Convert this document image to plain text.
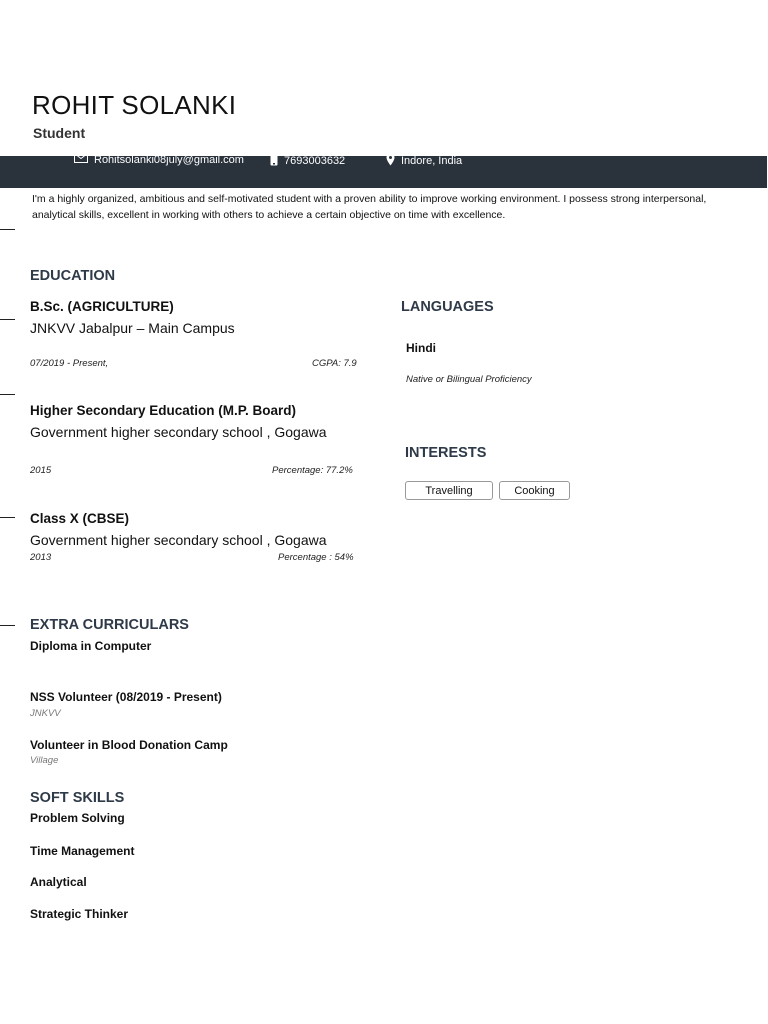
ROHIT SOLANKI
Student
Rohitsolanki08july@gmail.com	7693003632	Indore, India
I'm a highly organized, ambitious and self-motivated student with a proven ability to improve working environment. I possess strong interpersonal, analytical skills, excellent in working with others to achieve a certain objective on time with excellence.
EDUCATION
B.Sc. (AGRICULTURE)
JNKVV Jabalpur – Main Campus
07/2019 - Present,	CGPA: 7.9
Higher Secondary Education (M.P. Board)
Government higher secondary school , Gogawa
2015	Percentage: 77.2%
Class X (CBSE)
Government higher secondary school , Gogawa
2013	Percentage : 54%
EXTRA CURRICULARS
Diploma in Computer
NSS Volunteer (08/2019 - Present)
JNKVV
Volunteer in Blood Donation Camp
Village
SOFT SKILLS
Problem Solving
Time Management
Analytical
Strategic Thinker
LANGUAGES
Hindi
Native or Bilingual Proficiency
INTERESTS
Travelling	Cooking
